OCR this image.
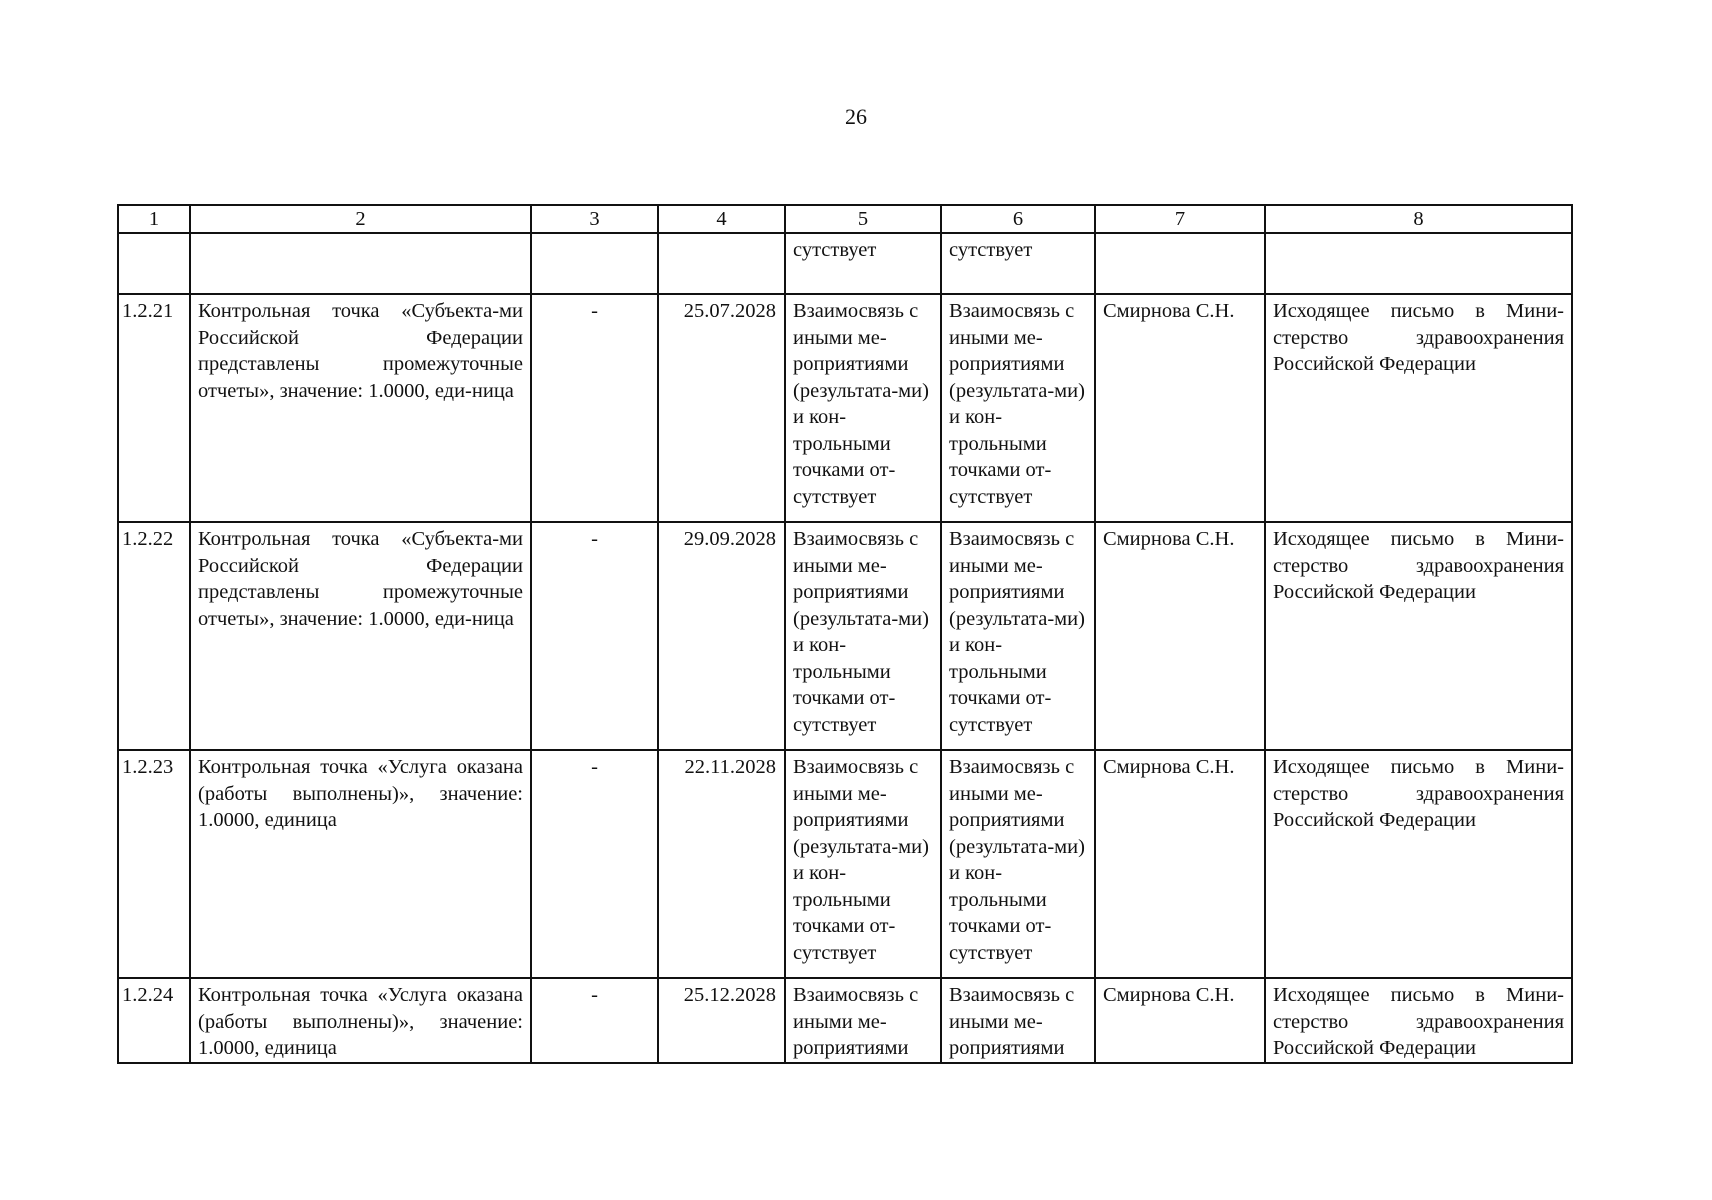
26
1	2	3	4	5	6	7	8
				сутствует	сутствует		
1.2.21	Контрольная точка «Субъекта-ми Российской Федерации представлены промежуточные отчеты», значение: 1.0000, еди-ница	-	25.07.2028	Взаимосвязь с иными ме-роприятиями (результата-ми) и кон-трольными точками от-сутствует	Взаимосвязь с иными ме-роприятиями (результата-ми) и кон-трольными точками от-сутствует	Смирнова С.Н.	Исходящее письмо в Мини-стерство здравоохранения Российской Федерации
1.2.22	Контрольная точка «Субъекта-ми Российской Федерации представлены промежуточные отчеты», значение: 1.0000, еди-ница	-	29.09.2028	Взаимосвязь с иными ме-роприятиями (результата-ми) и кон-трольными точками от-сутствует	Взаимосвязь с иными ме-роприятиями (результата-ми) и кон-трольными точками от-сутствует	Смирнова С.Н.	Исходящее письмо в Мини-стерство здравоохранения Российской Федерации
1.2.23	Контрольная точка «Услуга оказана (работы выполнены)», значение: 1.0000, единица	-	22.11.2028	Взаимосвязь с иными ме-роприятиями (результата-ми) и кон-трольными точками от-сутствует	Взаимосвязь с иными ме-роприятиями (результата-ми) и кон-трольными точками от-сутствует	Смирнова С.Н.	Исходящее письмо в Мини-стерство здравоохранения Российской Федерации
1.2.24	Контрольная точка «Услуга оказана (работы выполнены)», значение: 1.0000, единица	-	25.12.2028	Взаимосвязь с иными ме-роприятиями	Взаимосвязь с иными ме-роприятиями	Смирнова С.Н.	Исходящее письмо в Мини-стерство здравоохранения Российской Федерации
